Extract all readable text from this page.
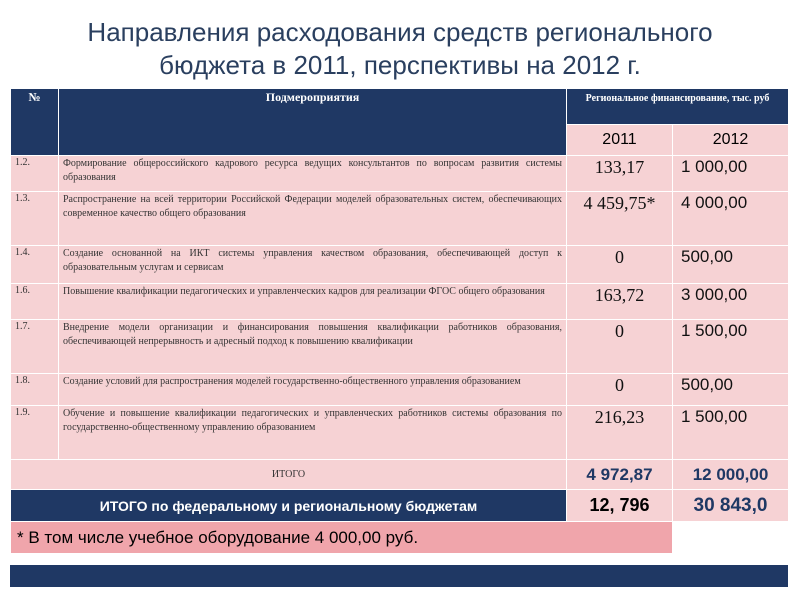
Направления расходования средств регионального
бюджета в 2011, перспективы на 2012 г.
№	Подмероприятия	Региональное финансирование, тыс. руб	
		2011	2012
1.2.	Формирование общероссийского кадрового ресурса ведущих консультантов по вопросам развития системы образования	133,17	1 000,00
1.3.	Распространение на всей территории Российской Федерации моделей образовательных систем, обеспечивающих современное качество общего образования	4 459,75*	4 000,00
1.4.	Создание основанной на ИКТ системы управления качеством образования, обеспечивающей доступ к образовательным услугам и сервисам	0	500,00
1.6.	Повышение квалификации педагогических и управленческих кадров для реализации ФГОС общего образования	163,72	3 000,00
1.7.	Внедрение модели организации и финансирования повышения квалификации работников образования, обеспечивающей непрерывность и адресный подход к повышению квалификации	0	1 500,00
1.8.	Создание условий для распространения моделей государственно-общественного управления образованием	0	500,00
1.9.	Обучение и повышение квалификации педагогических и управленческих работников системы образования по государственно-общественному управлению образованием	216,23	1 500,00
ИТОГО		4 972,87	12 000,00
ИТОГО по федеральному и региональному бюджетам		12, 796	30 843,0
* В том числе учебное оборудование 4 000,00 руб.			
